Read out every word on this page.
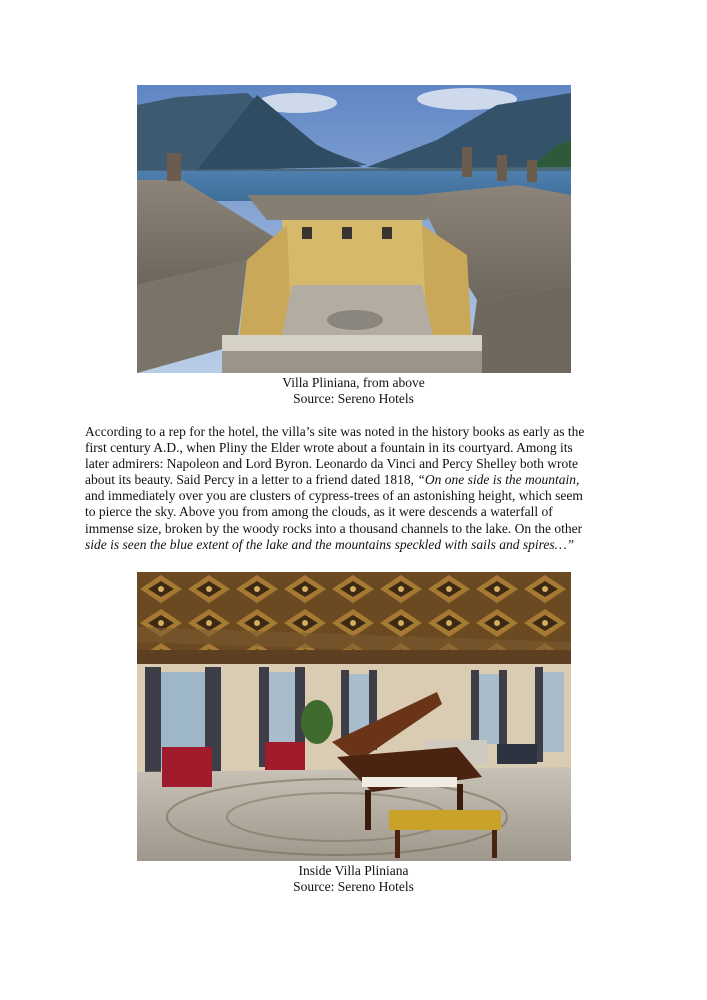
Villa Pliniana, from above
Source: Sereno Hotels
According to a rep for the hotel, the villa’s site was noted in the history books as early as the
first century A.D., when Pliny the Elder wrote about a fountain in its courtyard. Among its
later admirers: Napoleon and Lord Byron. Leonardo da Vinci and Percy Shelley both wrote
about its beauty. Said Percy in a letter to a friend dated 1818, “On one side is the mountain,
and immediately over you are clusters of cypress-trees of an astonishing height, which seem
to pierce the sky. Above you from among the clouds, as it were descends a waterfall of
immense size, broken by the woody rocks into a thousand channels to the lake. On the other
side is seen the blue extent of the lake and the mountains speckled with sails and spires…”
Inside Villa Pliniana
Source: Sereno Hotels
